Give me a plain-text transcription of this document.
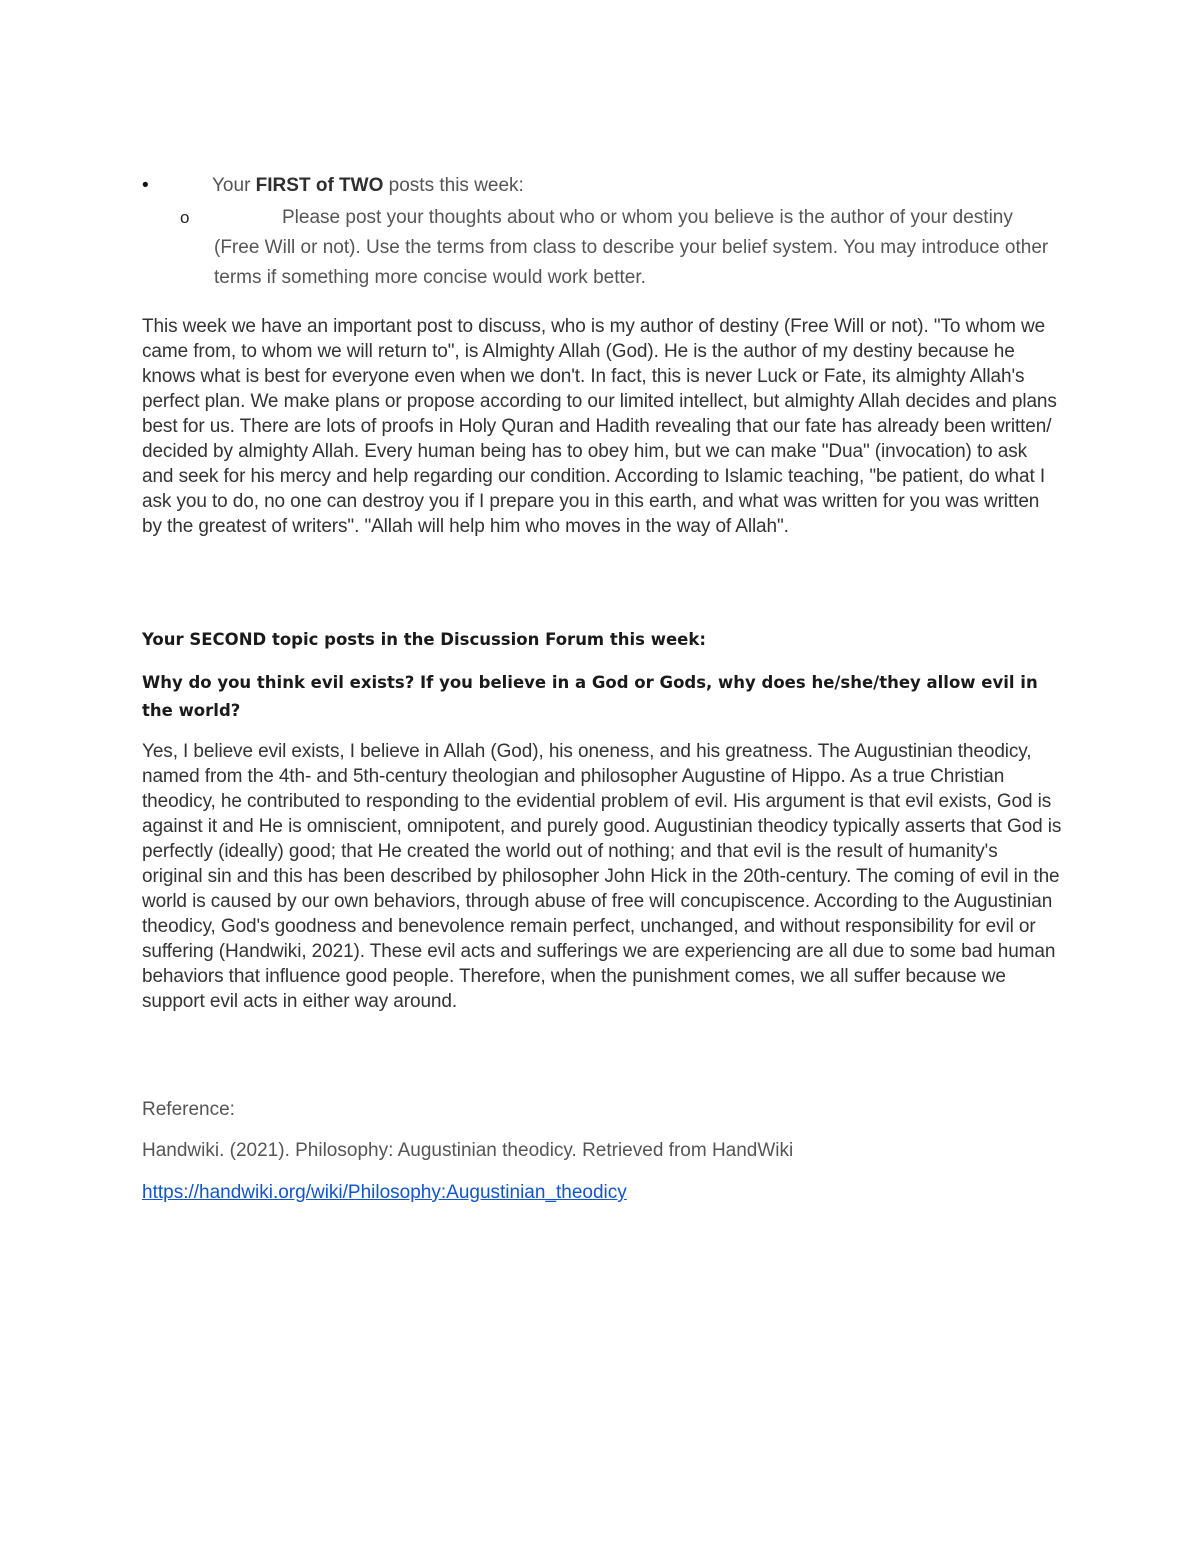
•	Your FIRST of TWO posts this week:
o	Please post your thoughts about who or whom you believe is the author of your destiny (Free Will or not). Use the terms from class to describe your belief system. You may introduce other terms if something more concise would work better.
This week we have an important post to discuss, who is my author of destiny (Free Will or not). "To whom we came from, to whom we will return to", is Almighty Allah (God). He is the author of my destiny because he knows what is best for everyone even when we don't. In fact, this is never Luck or Fate, its almighty Allah's perfect plan. We make plans or propose according to our limited intellect, but almighty Allah decides and plans best for us. There are lots of proofs in Holy Quran and Hadith revealing that our fate has already been written/ decided by almighty Allah. Every human being has to obey him, but we can make "Dua" (invocation) to ask and seek for his mercy and help regarding our condition. According to Islamic teaching, "be patient, do what I ask you to do, no one can destroy you if I prepare you in this earth, and what was written for you was written by the greatest of writers". "Allah will help him who moves in the way of Allah".
Your SECOND topic posts in the Discussion Forum this week:
Why do you think evil exists? If you believe in a God or Gods, why does he/she/they allow evil in the world?
Yes, I believe evil exists, I believe in Allah (God), his oneness, and his greatness. The Augustinian theodicy, named from the 4th- and 5th-century theologian and philosopher Augustine of Hippo. As a true Christian theodicy, he contributed to responding to the evidential problem of evil. His argument is that evil exists, God is against it and He is omniscient, omnipotent, and purely good. Augustinian theodicy typically asserts that God is perfectly (ideally) good; that He created the world out of nothing; and that evil is the result of humanity's original sin and this has been described by philosopher John Hick in the 20th-century. The coming of evil in the world is caused by our own behaviors, through abuse of free will concupiscence. According to the Augustinian theodicy, God's goodness and benevolence remain perfect, unchanged, and without responsibility for evil or suffering (Handwiki, 2021). These evil acts and sufferings we are experiencing are all due to some bad human behaviors that influence good people. Therefore, when the punishment comes, we all suffer because we support evil acts in either way around.
Reference:
Handwiki. (2021). Philosophy: Augustinian theodicy. Retrieved from HandWiki
https://handwiki.org/wiki/Philosophy:Augustinian_theodicy
